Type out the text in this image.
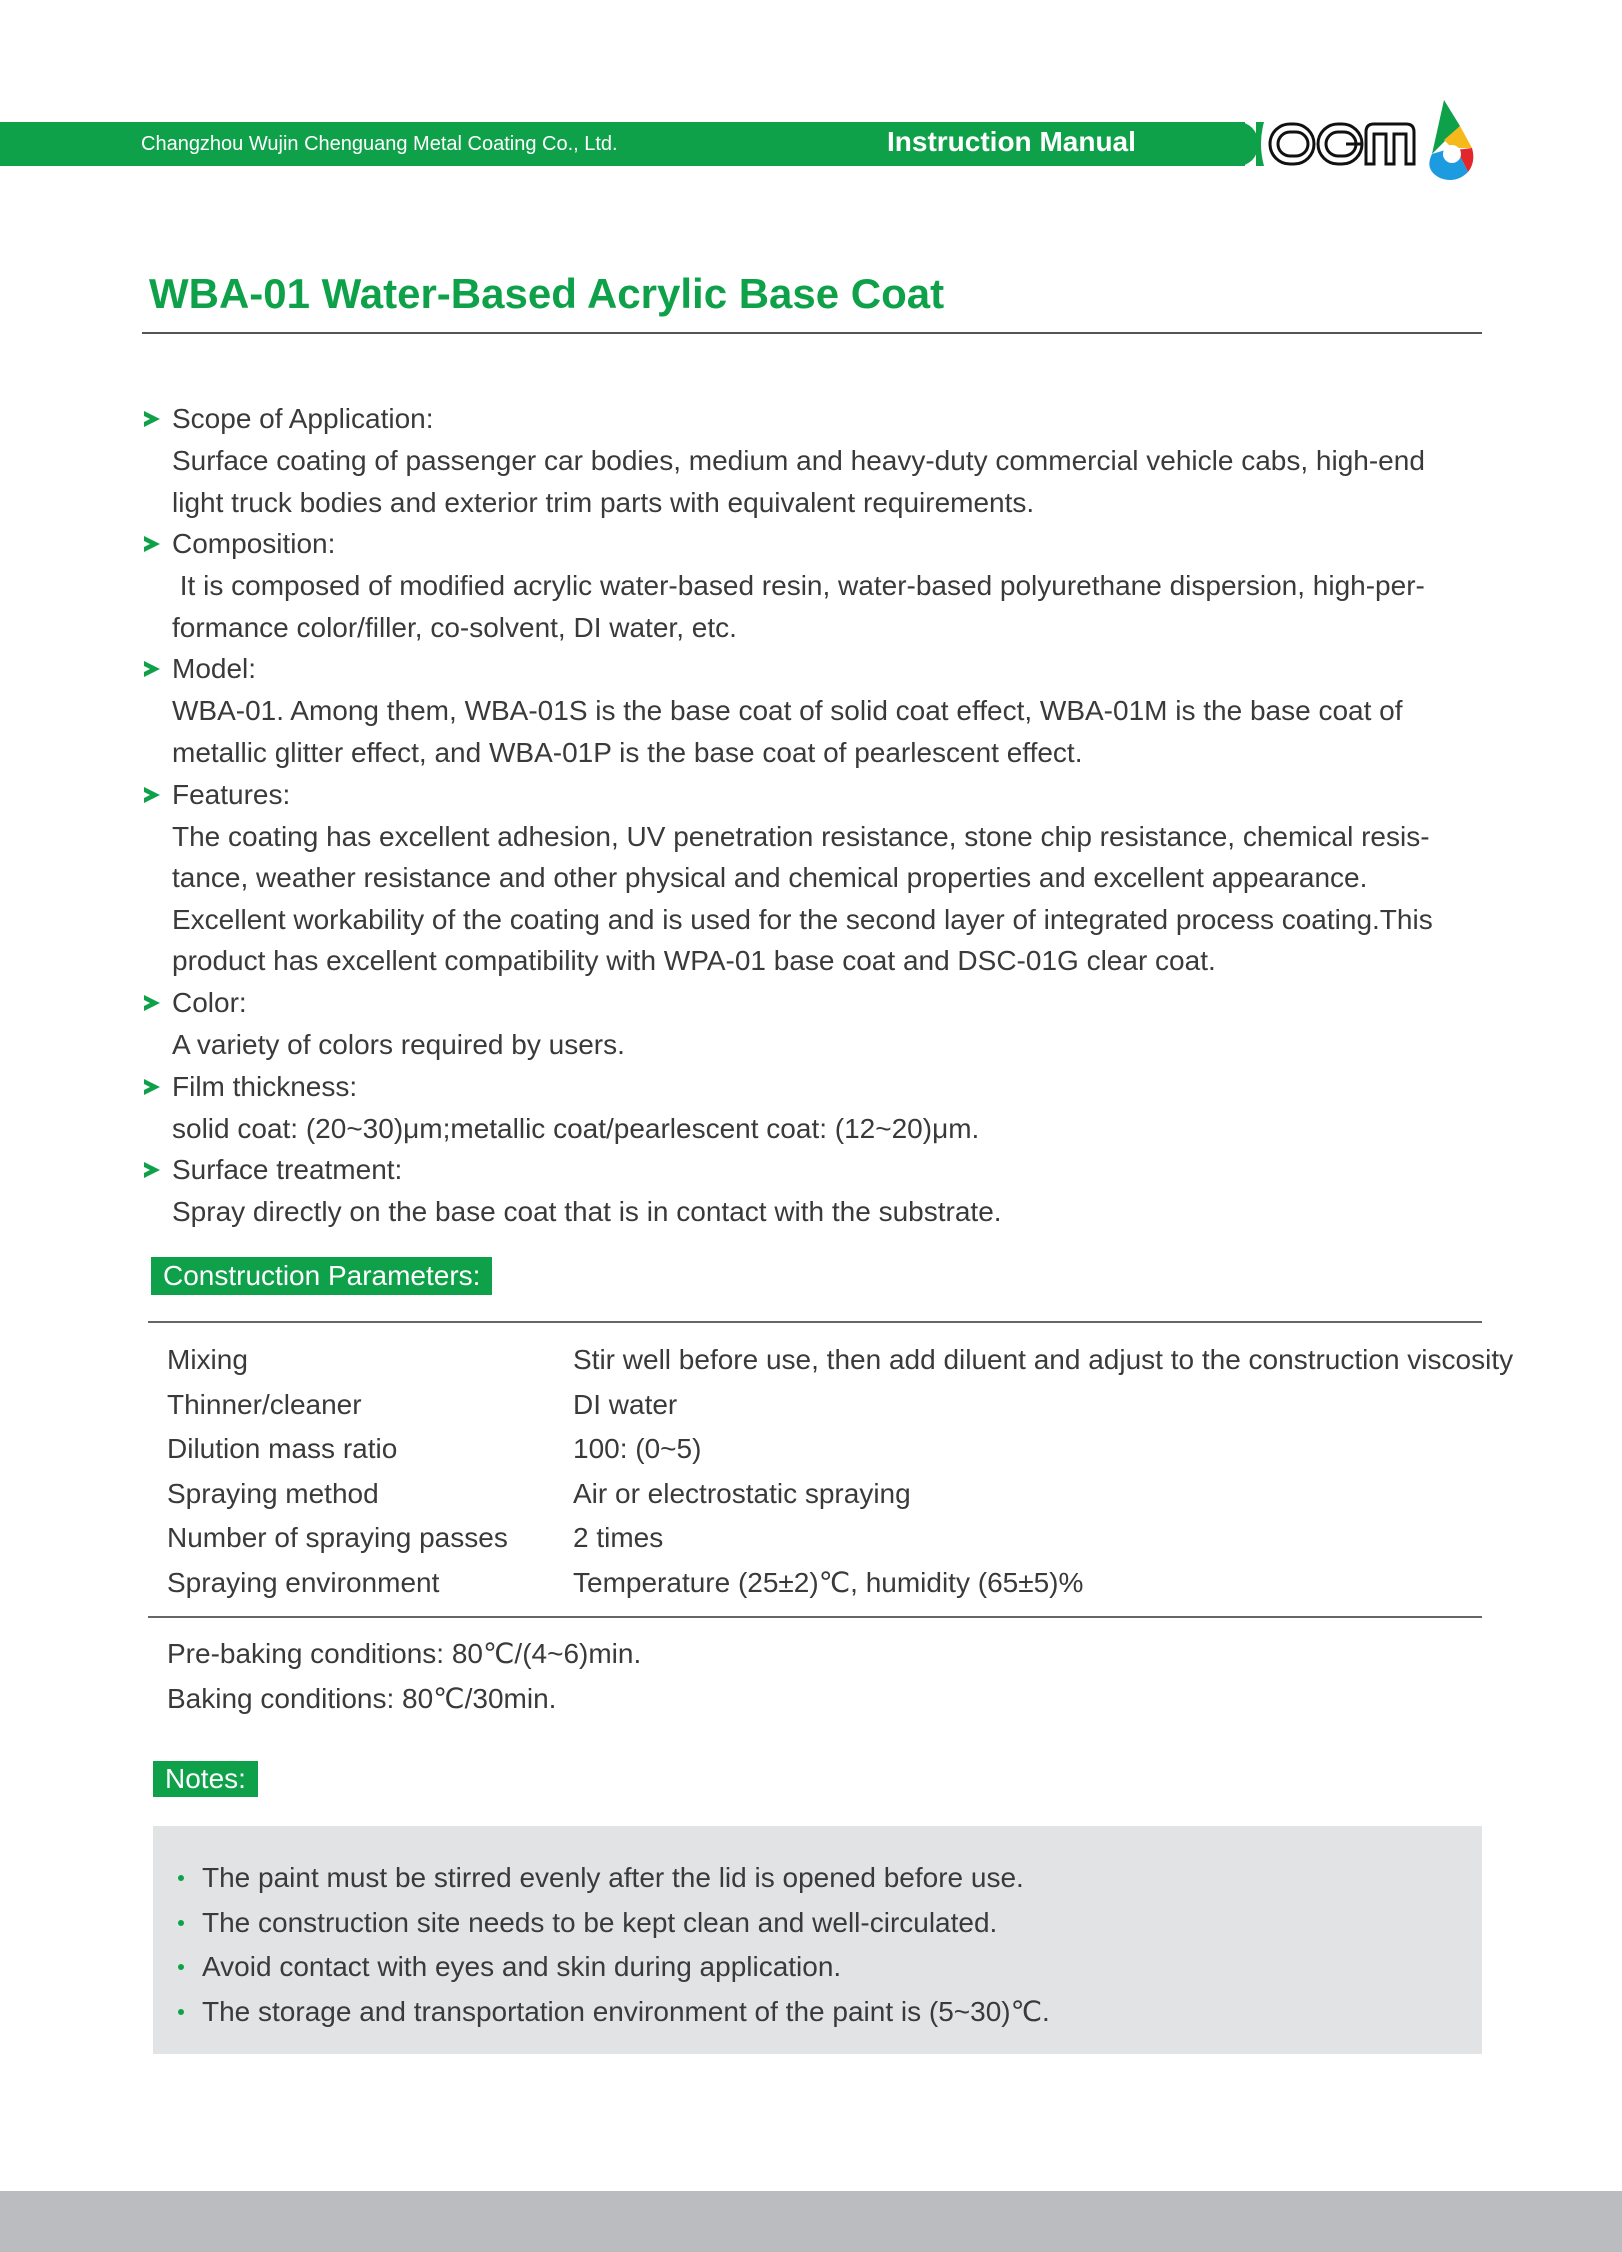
Changzhou Wujin Chenguang Metal Coating Co., Ltd.	Instruction Manual
WBA-01 Water-Based Acrylic Base Coat
Scope of Application:

Surface coating of passenger car bodies, medium and heavy-duty commercial vehicle cabs, high-end

light truck bodies and exterior trim parts with equivalent requirements.

Composition:

It is composed of modified acrylic water-based resin, water-based polyurethane dispersion, high-per-

formance color/filler, co-solvent, DI water, etc.

Model:

WBA-01. Among them, WBA-01S is the base coat of solid coat effect, WBA-01M is the base coat of

metallic glitter effect, and WBA-01P is the base coat of pearlescent effect.

Features:

The coating has excellent adhesion, UV penetration resistance, stone chip resistance, chemical resis-

tance, weather resistance and other physical and chemical properties and excellent appearance.

Excellent workability of the coating and is used for the second layer of integrated process coating.This

product has excellent compatibility with WPA-01 base coat and DSC-01G clear coat.

Color:

A variety of colors required by users.

Film thickness:

solid coat: (20~30)μm;metallic coat/pearlescent coat: (12~20)μm.

Surface treatment:

Spray directly on the base coat that is in contact with the substrate.

Construction Parameters:
Mixing	Stir well before use, then add diluent and adjust to the construction viscosity
Thinner/cleaner	DI water
Dilution mass ratio	100: (0~5)
Spraying method	Air or electrostatic spraying
Number of spraying passes 2 times
Spraying environment	Temperature (25±2)℃, humidity (65±5)%

Pre-baking conditions: 80℃/(4~6)min.

Baking conditions: 80℃/30min.

Notes:
The paint must be stirred evenly after the lid is opened before use.
The construction site needs to be kept clean and well-circulated.
Avoid contact with eyes and skin during application.
The storage and transportation environment of the paint is (5~30)℃.
